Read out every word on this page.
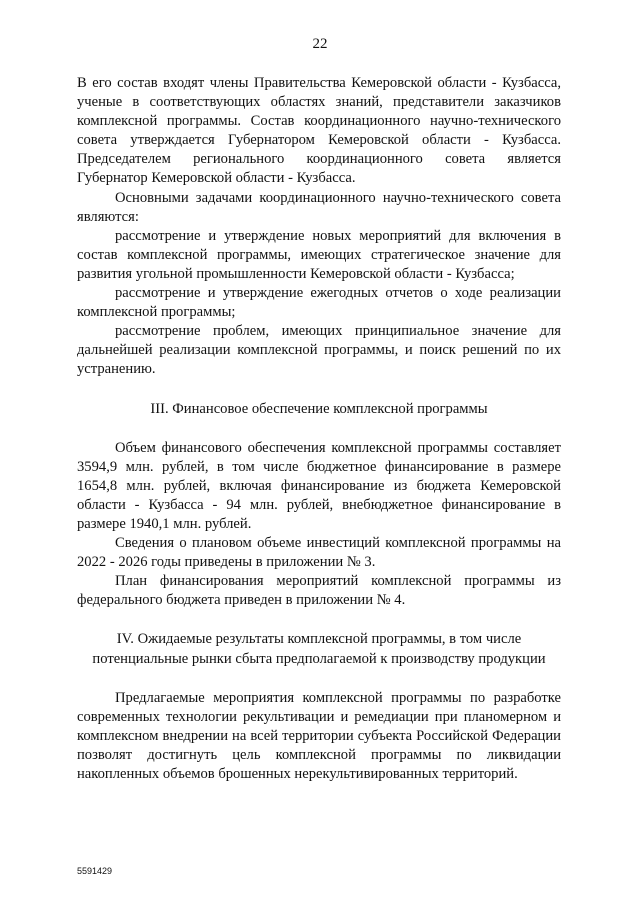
22

В его состав входят члены Правительства Кемеровской области - Кузбасса, ученые в соответствующих областях знаний, представители заказчиков комплексной программы. Состав координационного научно-технического совета утверждается Губернатором Кемеровской области - Кузбасса. Председателем регионального координационного совета является Губернатор Кемеровской области - Кузбасса.

Основными задачами координационного научно-технического совета являются:

рассмотрение и утверждение новых мероприятий для включения в состав комплексной программы, имеющих стратегическое значение для развития угольной промышленности Кемеровской области - Кузбасса;

рассмотрение и утверждение ежегодных отчетов о ходе реализации комплексной программы;

рассмотрение проблем, имеющих принципиальное значение для дальнейшей реализации комплексной программы, и поиск решений по их устранению.

III. Финансовое обеспечение комплексной программы

Объем финансового обеспечения комплексной программы составляет 3594,9 млн. рублей, в том числе бюджетное финансирование в размере 1654,8 млн. рублей, включая финансирование из бюджета Кемеровской области - Кузбасса - 94 млн. рублей, внебюджетное финансирование в размере 1940,1 млн. рублей.

Сведения о плановом объеме инвестиций комплексной программы на 2022 - 2026 годы приведены в приложении № 3.

План финансирования мероприятий комплексной программы из федерального бюджета приведен в приложении № 4.

IV. Ожидаемые результаты комплексной программы, в том числе
потенциальные рынки сбыта предполагаемой к производству продукции

Предлагаемые мероприятия комплексной программы по разработке современных технологии рекультивации и ремедиации при планомерном и комплексном внедрении на всей территории субъекта Российской Федерации позволят достигнуть цель комплексной программы по ликвидации накопленных объемов брошенных нерекультивированных территорий.

5591429
